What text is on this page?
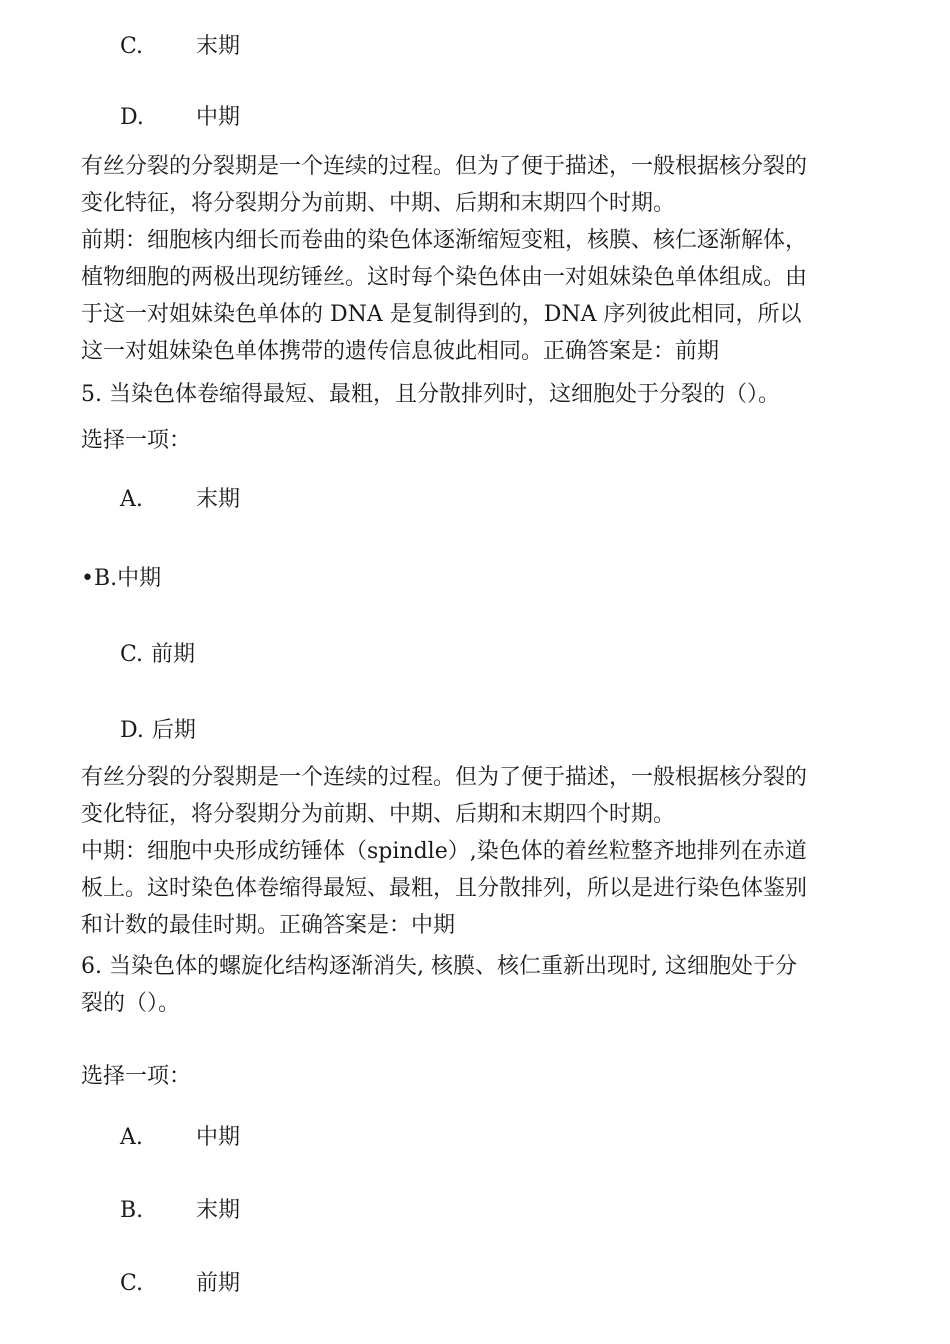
C. 末期
D. 中期
有丝分裂的分裂期是一个连续的过程。但为了便于描述，一般根据核分裂的
变化特征，将分裂期分为前期、中期、后期和末期四个时期。
前期：细胞核内细长而卷曲的染色体逐渐缩短变粗，核膜、核仁逐渐解体，
植物细胞的两极出现纺锤丝。这时每个染色体由一对姐妹染色单体组成。由
于这一对姐妹染色单体的 DNA 是复制得到的，DNA 序列彼此相同，所以
这一对姐妹染色单体携带的遗传信息彼此相同。正确答案是：前期
5. 当染色体卷缩得最短、最粗，且分散排列时，这细胞处于分裂的（）。
选择一项：
A. 末期
•B.中期
C. 前期
D. 后期
有丝分裂的分裂期是一个连续的过程。但为了便于描述，一般根据核分裂的
变化特征，将分裂期分为前期、中期、后期和末期四个时期。
中期：细胞中央形成纺锤体（spindle）,染色体的着丝粒整齐地排列在赤道
板上。这时染色体卷缩得最短、最粗，且分散排列，所以是进行染色体鉴别
和计数的最佳时期。正确答案是：中期
6. 当染色体的螺旋化结构逐渐消失, 核膜、核仁重新出现时, 这细胞处于分
裂的（）。
选择一项：
A. 中期
B. 末期
C. 前期
